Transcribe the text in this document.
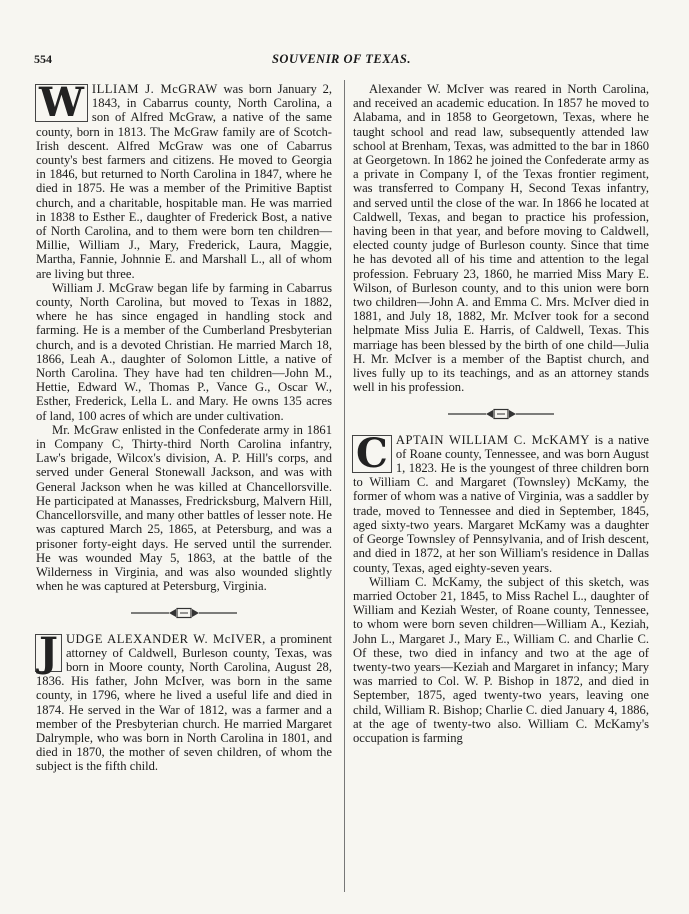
554	SOUVENIR OF TEXAS.

W ILLIAM J. McGRAW was born January 2, 1843, in Cabarrus county, North Carolina, a son of Alfred McGraw, a native of the same county, born in 1813. The McGraw family are of Scotch-Irish descent. Alfred McGraw was one of Cabarrus county's best farmers and citizens. He moved to Georgia in 1846, but returned to North Carolina in 1847, where he died in 1875. He was a member of the Primitive Baptist church, and a charitable, hospitable man. He was married in 1838 to Esther E., daughter of Frederick Bost, a native of North Carolina, and to them were born ten children—Millie, William J., Mary, Frederick, Laura, Maggie, Martha, Fannie, Johnnie E. and Marshall L., all of whom are living but three.

William J. McGraw began life by farming in Cabarrus county, North Carolina, but moved to Texas in 1882, where he has since engaged in handling stock and farming. He is a member of the Cumberland Presbyterian church, and is a devoted Christian. He married March 18, 1866, Leah A., daughter of Solomon Little, a native of North Carolina. They have had ten children—John M., Hettie, Edward W., Thomas P., Vance G., Oscar W., Esther, Frederick, Lella L. and Mary. He owns 135 acres of land, 100 acres of which are under cultivation.

Mr. McGraw enlisted in the Confederate army in 1861 in Company C, Thirty-third North Carolina infantry, Law's brigade, Wilcox's division, A. P. Hill's corps, and served under General Stonewall Jackson, and was with General Jackson when he was killed at Chancellorsville. He participated at Manasses, Fredricksburg, Malvern Hill, Chancellorsville, and many other battles of lesser note. He was captured March 25, 1865, at Petersburg, and was a prisoner forty-eight days. He served until the surrender. He was wounded May 5, 1863, at the battle of the Wilderness in Virginia, and was also wounded slightly when he was captured at Petersburg, Virginia.

J UDGE ALEXANDER W. McIVER, a prominent attorney of Caldwell, Burleson county, Texas, was born in Moore county, North Carolina, August 28, 1836. His father, John McIver, was born in the same county, in 1796, where he lived a useful life and died in 1874. He served in the War of 1812, was a farmer and a member of the Presbyterian church. He married Margaret Dalrymple, who was born in North Carolina in 1801, and died in 1870, the mother of seven children, of whom the subject is the fifth child.

Alexander W. McIver was reared in North Carolina, and received an academic education. In 1857 he moved to Alabama, and in 1858 to Georgetown, Texas, where he taught school and read law, subsequently attended law school at Brenham, Texas, was admitted to the bar in 1860 at Georgetown. In 1862 he joined the Confederate army as a private in Company I, of the Texas frontier regiment, was transferred to Company H, Second Texas infantry, and served until the close of the war. In 1866 he located at Caldwell, Texas, and began to practice his profession, having been in that year, and before moving to Caldwell, elected county judge of Burleson county. Since that time he has devoted all of his time and attention to the legal profession. February 23, 1860, he married Miss Mary E. Wilson, of Burleson county, and to this union were born two children—John A. and Emma C. Mrs. McIver died in 1881, and July 18, 1882, Mr. McIver took for a second helpmate Miss Julia E. Harris, of Caldwell, Texas. This marriage has been blessed by the birth of one child—Julia H. Mr. McIver is a member of the Baptist church, and lives fully up to its teachings, and as an attorney stands well in his profession.

C APTAIN WILLIAM C. McKAMY is a native of Roane county, Tennessee, and was born August 1, 1823. He is the youngest of three children born to William C. and Margaret (Townsley) McKamy, the former of whom was a native of Virginia, was a saddler by trade, moved to Tennessee and died in September, 1845, aged sixty-two years. Margaret McKamy was a daughter of George Townsley of Pennsylvania, and of Irish descent, and died in 1872, at her son William's residence in Dallas county, Texas, aged eighty-seven years.

William C. McKamy, the subject of this sketch, was married October 21, 1845, to Miss Rachel L., daughter of William and Keziah Wester, of Roane county, Tennessee, to whom were born seven children—William A., Keziah, John L., Margaret J., Mary E., William C. and Charlie C. Of these, two died in infancy and two at the age of twenty-two years—Keziah and Margaret in infancy; Mary was married to Col. W. P. Bishop in 1872, and died in September, 1875, aged twenty-two years, leaving one child, William R. Bishop; Charlie C. died January 4, 1886, at the age of twenty-two also. William C. McKamy's occupation is farming
